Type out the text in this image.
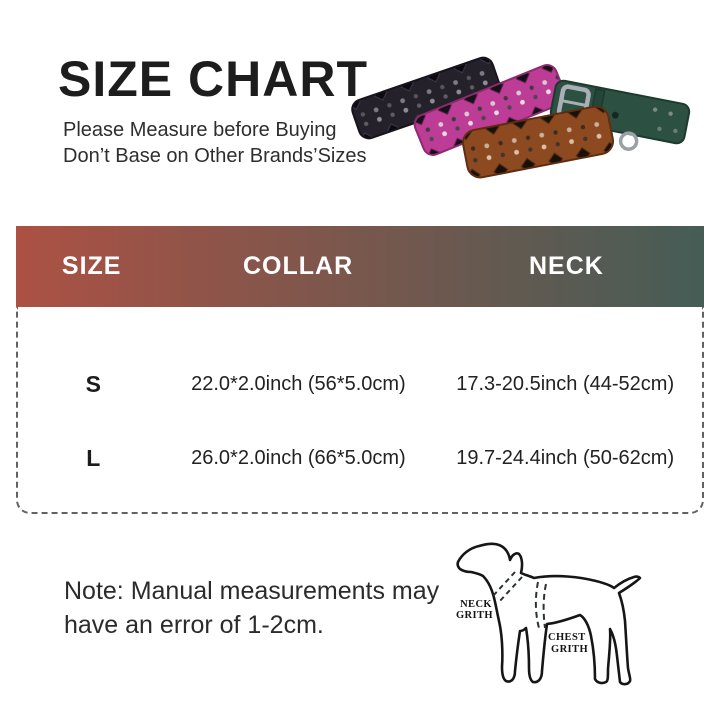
SIZE CHART
Please Measure before Buying
Don’t Base on Other Brands’Sizes
SIZE	COLLAR	NECK
S	22.0*2.0inch (56*5.0cm)	17.3-20.5inch (44-52cm)
L	26.0*2.0inch (66*5.0cm)	19.7-24.4inch (50-62cm)
Note: Manual measurements may
have an error of 1-2cm.
NECK
GRITH
CHEST
GRITH
